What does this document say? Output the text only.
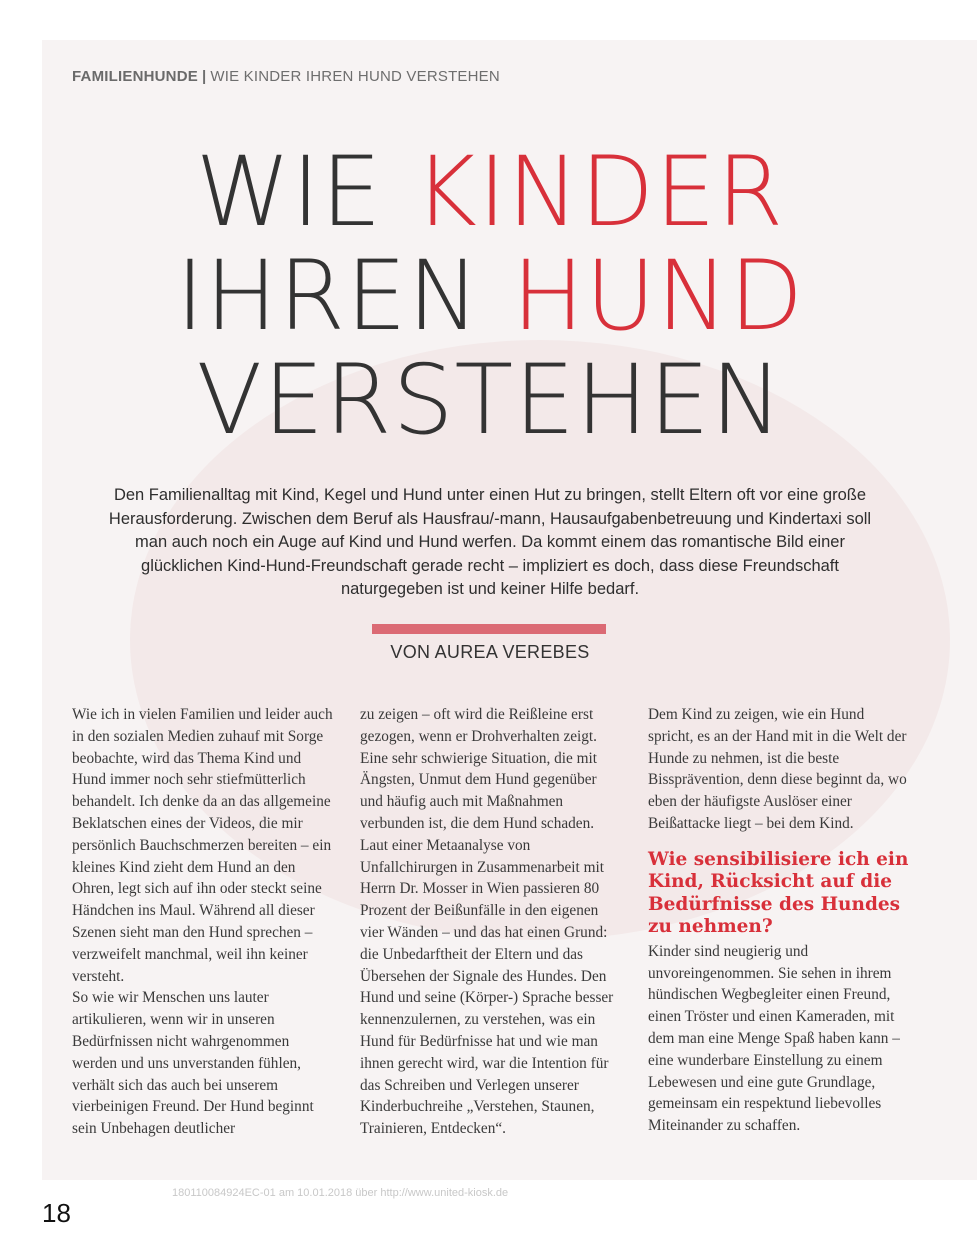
FAMILIENHUNDE | WIE KINDER IHREN HUND VERSTEHEN
WIE KINDER
IHREN HUND
VERSTEHEN

Den Familienalltag mit Kind, Kegel und Hund unter einen Hut zu bringen, stellt Eltern oft vor eine große Herausforderung. Zwischen dem Beruf als Hausfrau/-mann, Hausaufgabenbetreuung und Kindertaxi soll man auch noch ein Auge auf Kind und Hund werfen. Da kommt einem das romantische Bild einer glücklichen Kind-Hund-Freundschaft gerade recht – impliziert es doch, dass diese Freundschaft naturgegeben ist und keiner Hilfe bedarf.

VON AUREA VEREBES

Wie ich in vielen Familien und leider auch in den sozialen Medien zuhauf mit Sorge beobachte, wird das Thema Kind und Hund immer noch sehr stiefmütterlich behandelt. Ich denke da an das allgemeine Beklatschen eines der Videos, die mir persönlich Bauchschmerzen bereiten – ein kleines Kind zieht dem Hund an den Ohren, legt sich auf ihn oder steckt seine Händchen ins Maul. Während all dieser Szenen sieht man den Hund sprechen – verzweifelt manchmal, weil ihn keiner versteht.

So wie wir Menschen uns lauter artikulieren, wenn wir in unseren Bedürfnissen nicht wahrgenommen werden und uns unverstanden fühlen, verhält sich das auch bei unserem vierbeinigen Freund. Der Hund beginnt sein Unbehagen deutlicher

zu zeigen – oft wird die Reißleine erst gezogen, wenn er Drohverhalten zeigt. Eine sehr schwierige Situation, die mit Ängsten, Unmut dem Hund gegenüber und häufig auch mit Maßnahmen verbunden ist, die dem Hund schaden. Laut einer Metaanalyse von Unfallchirurgen in Zusammenarbeit mit Herrn Dr. Mosser in Wien passieren 80 Prozent der Beißunfälle in den eigenen vier Wänden – und das hat einen Grund: die Unbedarftheit der Eltern und das Übersehen der Signale des Hundes. Den Hund und seine (Körper-) Sprache besser kennenzulernen, zu verstehen, was ein Hund für Bedürfnisse hat und wie man ihnen gerecht wird, war die Intention für das Schreiben und Verlegen unserer Kinderbuchreihe „Verstehen, Staunen, Trainieren, Entdecken“.

Dem Kind zu zeigen, wie ein Hund spricht, es an der Hand mit in die Welt der Hunde zu nehmen, ist die beste Bissprävention, denn diese beginnt da, wo eben der häufigste Auslöser einer Beißattacke liegt – bei dem Kind.

Wie sensibilisiere ich ein Kind, Rücksicht auf die Bedürfnisse des Hundes zu nehmen?

Kinder sind neugierig und unvoreingenommen. Sie sehen in ihrem hündischen Wegbegleiter einen Freund, einen Tröster und einen Kameraden, mit dem man eine Menge Spaß haben kann – eine wunderbare Einstellung zu einem Lebewesen und eine gute Grundlage, gemeinsam ein respektund liebevolles Miteinander zu schaffen.

180110084924EC-01 am 10.01.2018 über http://www.united-kiosk.de
18
